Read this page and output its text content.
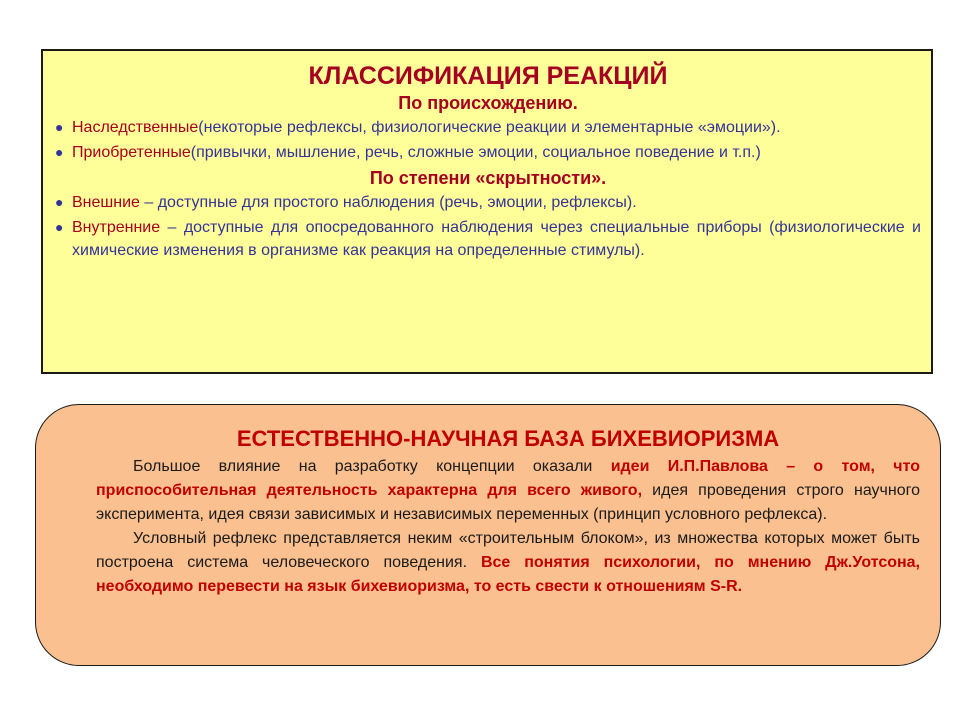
КЛАССИФИКАЦИЯ РЕАКЦИЙ
По происхождению.
● Наследственные(некоторые рефлексы, физиологические реакции и элементарные «эмоции»).
● Приобретенные(привычки, мышление, речь, сложные эмоции, социальное поведение и т.п.)
По степени «скрытности».
● Внешние – доступные для простого наблюдения (речь, эмоции, рефлексы).
● Внутренние – доступные для опосредованного наблюдения через специальные приборы (физиологические и химические изменения в организме как реакция на определенные стимулы).
ЕСТЕСТВЕННО-НАУЧНАЯ БАЗА БИХЕВИОРИЗМА

Большое влияние на разработку концепции оказали идеи И.П.Павлова – о том, что приспособительная деятельность характерна для всего живого, идея проведения строго научного эксперимента, идея связи зависимых и независимых переменных (принцип условного рефлекса).

Условный рефлекс представляется неким «строительным блоком», из множества которых может быть построена система человеческого поведения. Все понятия психологии, по мнению Дж.Уотсона, необходимо перевести на язык бихевиоризма, то есть свести к отношениям S-R.
